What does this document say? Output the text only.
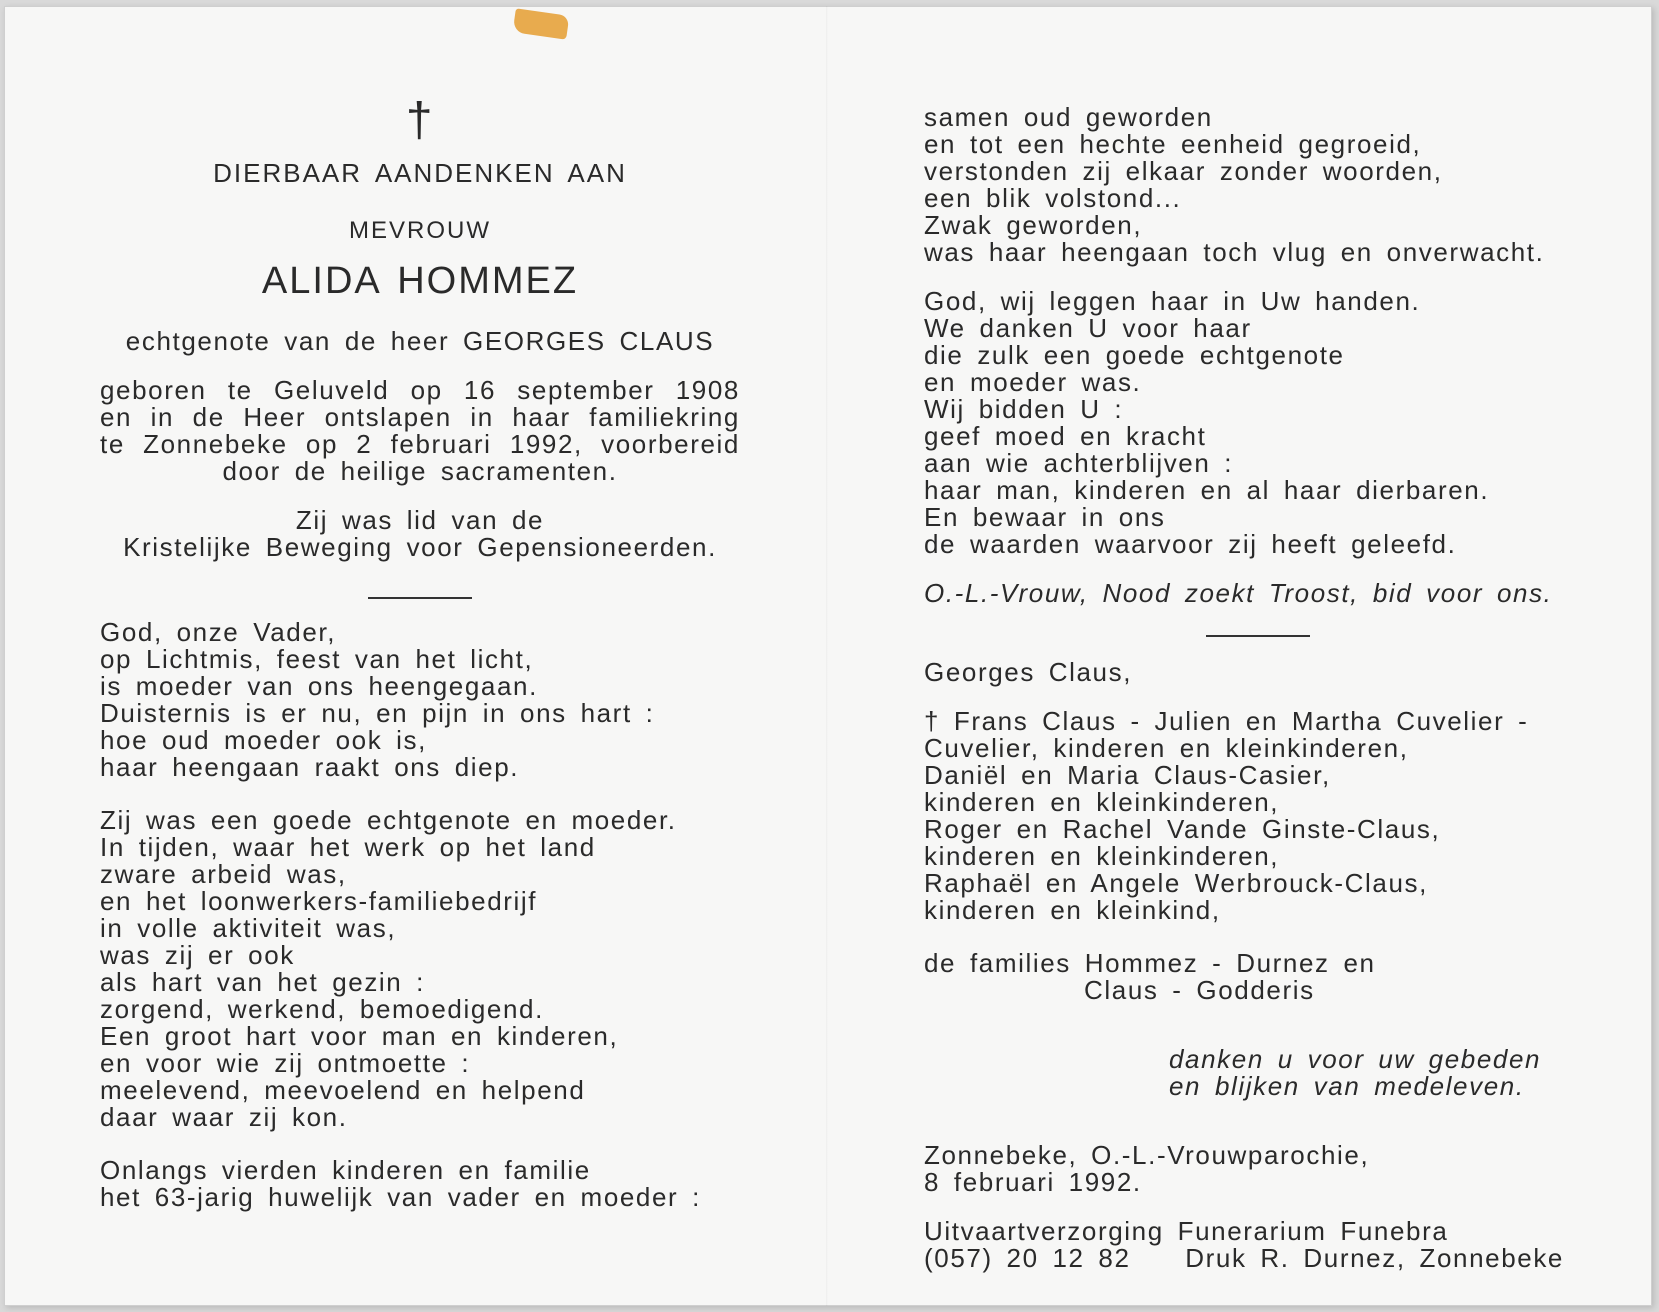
†
DIERBAAR AANDENKEN AAN
MEVROUW
ALIDA HOMMEZ
echtgenote van de heer GEORGES CLAUS
geboren te Geluveld op 16 september 1908
en in de Heer ontslapen in haar familiekring
te Zonnebeke op 2 februari 1992, voorbereid
door de heilige sacramenten.
Zij was lid van de
Kristelijke Beweging voor Gepensioneerden.
God, onze Vader,
op Lichtmis, feest van het licht,
is moeder van ons heengegaan.
Duisternis is er nu, en pijn in ons hart :
hoe oud moeder ook is,
haar heengaan raakt ons diep.
Zij was een goede echtgenote en moeder.
In tijden, waar het werk op het land
zware arbeid was,
en het loonwerkers-familiebedrijf
in volle aktiviteit was,
was zij er ook
als hart van het gezin :
zorgend, werkend, bemoedigend.
Een groot hart voor man en kinderen,
en voor wie zij ontmoette :
meelevend, meevoelend en helpend
daar waar zij kon.
Onlangs vierden kinderen en familie
het 63-jarig huwelijk van vader en moeder :
samen oud geworden
en tot een hechte eenheid gegroeid,
verstonden zij elkaar zonder woorden,
een blik volstond...
Zwak geworden,
was haar heengaan toch vlug en onverwacht.
God, wij leggen haar in Uw handen.
We danken U voor haar
die zulk een goede echtgenote
en moeder was.
Wij bidden U :
geef moed en kracht
aan wie achterblijven :
haar man, kinderen en al haar dierbaren.
En bewaar in ons
de waarden waarvoor zij heeft geleefd.
O.-L.-Vrouw, Nood zoekt Troost, bid voor ons.
Georges Claus,
† Frans Claus - Julien en Martha Cuvelier -
Cuvelier, kinderen en kleinkinderen,
Daniël en Maria Claus-Casier,
kinderen en kleinkinderen,
Roger en Rachel Vande Ginste-Claus,
kinderen en kleinkinderen,
Raphaël en Angele Werbrouck-Claus,
kinderen en kleinkind,
de families Hommez - Durnez en
Claus - Godderis
danken u voor uw gebeden
en blijken van medeleven.
Zonnebeke, O.-L.-Vrouwparochie,
8 februari 1992.
Uitvaartverzorging Funerarium Funebra
(057) 20 12 82 Druk R. Durnez, Zonnebeke
